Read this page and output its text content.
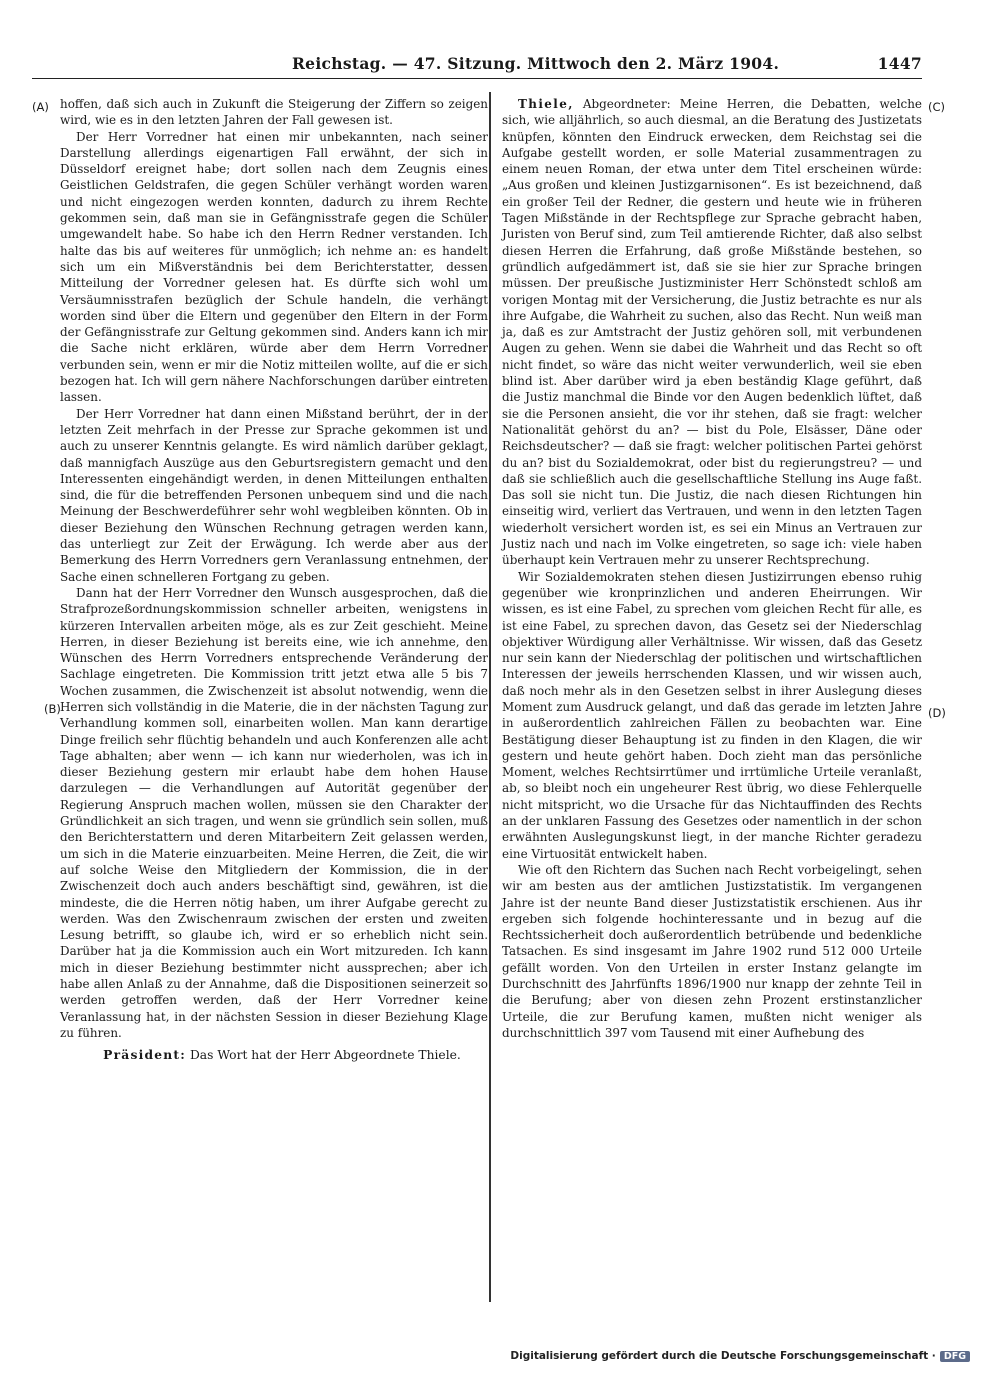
Reichstag. — 47. Sitzung. Mittwoch den 2. März 1904.	1447
(A)
(B)
(C)
(D)

hoffen, daß sich auch in Zukunft die Steigerung der Ziffern so zeigen wird, wie es in den letzten Jahren der Fall gewesen ist.

Der Herr Vorredner hat einen mir unbekannten, nach seiner Darstellung allerdings eigenartigen Fall erwähnt, der sich in Düsseldorf ereignet habe; dort sollen nach dem Zeugnis eines Geistlichen Geldstrafen, die gegen Schüler verhängt worden waren und nicht eingezogen werden konnten, dadurch zu ihrem Rechte gekommen sein, daß man sie in Gefängnisstrafe gegen die Schüler umgewandelt habe. So habe ich den Herrn Redner verstanden. Ich halte das bis auf weiteres für unmöglich; ich nehme an: es handelt sich um ein Mißverständnis bei dem Berichterstatter, dessen Mitteilung der Vorredner gelesen hat. Es dürfte sich wohl um Versäumnisstrafen bezüglich der Schule handeln, die verhängt worden sind über die Eltern und gegenüber den Eltern in der Form der Gefängnisstrafe zur Geltung gekommen sind. Anders kann ich mir die Sache nicht erklären, würde aber dem Herrn Vorredner verbunden sein, wenn er mir die Notiz mitteilen wollte, auf die er sich bezogen hat. Ich will gern nähere Nachforschungen darüber eintreten lassen.

Der Herr Vorredner hat dann einen Mißstand berührt, der in der letzten Zeit mehrfach in der Presse zur Sprache gekommen ist und auch zu unserer Kenntnis gelangte. Es wird nämlich darüber geklagt, daß mannigfach Auszüge aus den Geburtsregistern gemacht und den Interessenten eingehändigt werden, in denen Mitteilungen enthalten sind, die für die betreffenden Personen unbequem sind und die nach Meinung der Beschwerdeführer sehr wohl wegbleiben könnten. Ob in dieser Beziehung den Wünschen Rechnung getragen werden kann, das unterliegt zur Zeit der Erwägung. Ich werde aber aus der Bemerkung des Herrn Vorredners gern Veranlassung entnehmen, der Sache einen schnelleren Fortgang zu geben.

Dann hat der Herr Vorredner den Wunsch ausgesprochen, daß die Strafprozeßordnungskommission schneller arbeiten, wenigstens in kürzeren Intervallen arbeiten möge, als es zur Zeit geschieht. Meine Herren, in dieser Beziehung ist bereits eine, wie ich annehme, den Wünschen des Herrn Vorredners entsprechende Veränderung der Sachlage eingetreten. Die Kommission tritt jetzt etwa alle 5 bis 7 Wochen zusammen, die Zwischenzeit ist absolut notwendig, wenn die Herren sich vollständig in die Materie, die in der nächsten Tagung zur Verhandlung kommen soll, einarbeiten wollen. Man kann derartige Dinge freilich sehr flüchtig behandeln und auch Konferenzen alle acht Tage abhalten; aber wenn — ich kann nur wiederholen, was ich in dieser Beziehung gestern mir erlaubt habe dem hohen Hause darzulegen — die Verhandlungen auf Autorität gegenüber der Regierung Anspruch machen wollen, müssen sie den Charakter der Gründlichkeit an sich tragen, und wenn sie gründlich sein sollen, muß den Berichterstattern und deren Mitarbeitern Zeit gelassen werden, um sich in die Materie einzuarbeiten. Meine Herren, die Zeit, die wir auf solche Weise den Mitgliedern der Kommission, die in der Zwischenzeit doch auch anders beschäftigt sind, gewähren, ist die mindeste, die die Herren nötig haben, um ihrer Aufgabe gerecht zu werden. Was den Zwischenraum zwischen der ersten und zweiten Lesung betrifft, so glaube ich, wird er so erheblich nicht sein. Darüber hat ja die Kommission auch ein Wort mitzureden. Ich kann mich in dieser Beziehung bestimmter nicht aussprechen; aber ich habe allen Anlaß zu der Annahme, daß die Dispositionen seinerzeit so werden getroffen werden, daß der Herr Vorredner keine Veranlassung hat, in der nächsten Session in dieser Beziehung Klage zu führen.

Präsident: Das Wort hat der Herr Abgeordnete Thiele.

Thiele, Abgeordneter: Meine Herren, die Debatten, welche sich, wie alljährlich, so auch diesmal, an die Beratung des Justizetats knüpfen, könnten den Eindruck erwecken, dem Reichstag sei die Aufgabe gestellt worden, er solle Material zusammentragen zu einem neuen Roman, der etwa unter dem Titel erscheinen würde: „Aus großen und kleinen Justizgarnisonen“. Es ist bezeichnend, daß ein großer Teil der Redner, die gestern und heute wie in früheren Tagen Mißstände in der Rechtspflege zur Sprache gebracht haben, Juristen von Beruf sind, zum Teil amtierende Richter, daß also selbst diesen Herren die Erfahrung, daß große Mißstände bestehen, so gründlich aufgedämmert ist, daß sie sie hier zur Sprache bringen müssen. Der preußische Justizminister Herr Schönstedt schloß am vorigen Montag mit der Versicherung, die Justiz betrachte es nur als ihre Aufgabe, die Wahrheit zu suchen, also das Recht. Nun weiß man ja, daß es zur Amtstracht der Justiz gehören soll, mit verbundenen Augen zu gehen. Wenn sie dabei die Wahrheit und das Recht so oft nicht findet, so wäre das nicht weiter verwunderlich, weil sie eben blind ist. Aber darüber wird ja eben beständig Klage geführt, daß die Justiz manchmal die Binde vor den Augen bedenklich lüftet, daß sie die Personen ansieht, die vor ihr stehen, daß sie fragt: welcher Nationalität gehörst du an? — bist du Pole, Elsässer, Däne oder Reichsdeutscher? — daß sie fragt: welcher politischen Partei gehörst du an? bist du Sozialdemokrat, oder bist du regierungstreu? — und daß sie schließlich auch die gesellschaftliche Stellung ins Auge faßt. Das soll sie nicht tun. Die Justiz, die nach diesen Richtungen hin einseitig wird, verliert das Vertrauen, und wenn in den letzten Tagen wiederholt versichert worden ist, es sei ein Minus an Vertrauen zur Justiz nach und nach im Volke eingetreten, so sage ich: viele haben überhaupt kein Vertrauen mehr zu unserer Rechtsprechung.

Wir Sozialdemokraten stehen diesen Justizirrungen ebenso ruhig gegenüber wie kronprinzlichen und anderen Eheirrungen. Wir wissen, es ist eine Fabel, zu sprechen vom gleichen Recht für alle, es ist eine Fabel, zu sprechen davon, das Gesetz sei der Niederschlag objektiver Würdigung aller Verhältnisse. Wir wissen, daß das Gesetz nur sein kann der Niederschlag der politischen und wirtschaftlichen Interessen der jeweils herrschenden Klassen, und wir wissen auch, daß noch mehr als in den Gesetzen selbst in ihrer Auslegung dieses Moment zum Ausdruck gelangt, und daß das gerade im letzten Jahre in außerordentlich zahlreichen Fällen zu beobachten war. Eine Bestätigung dieser Behauptung ist zu finden in den Klagen, die wir gestern und heute gehört haben. Doch zieht man das persönliche Moment, welches Rechtsirrtümer und irrtümliche Urteile veranlaßt, ab, so bleibt noch ein ungeheurer Rest übrig, wo diese Fehlerquelle nicht mitspricht, wo die Ursache für das Nichtauffinden des Rechts an der unklaren Fassung des Gesetzes oder namentlich in der schon erwähnten Auslegungskunst liegt, in der manche Richter geradezu eine Virtuosität entwickelt haben.

Wie oft den Richtern das Suchen nach Recht vorbeigelingt, sehen wir am besten aus der amtlichen Justizstatistik. Im vergangenen Jahre ist der neunte Band dieser Justizstatistik erschienen. Aus ihr ergeben sich folgende hochinteressante und in bezug auf die Rechtssicherheit doch außerordentlich betrübende und bedenkliche Tatsachen. Es sind insgesamt im Jahre 1902 rund 512 000 Urteile gefällt worden. Von den Urteilen in erster Instanz gelangte im Durchschnitt des Jahrfünfts 1896/1900 nur knapp der zehnte Teil in die Berufung; aber von diesen zehn Prozent erstinstanzlicher Urteile, die zur Berufung kamen, mußten nicht weniger als durchschnittlich 397 vom Tausend mit einer Aufhebung des

Digitalisierung gefördert durch die Deutsche Forschungsgemeinschaft · DFG
